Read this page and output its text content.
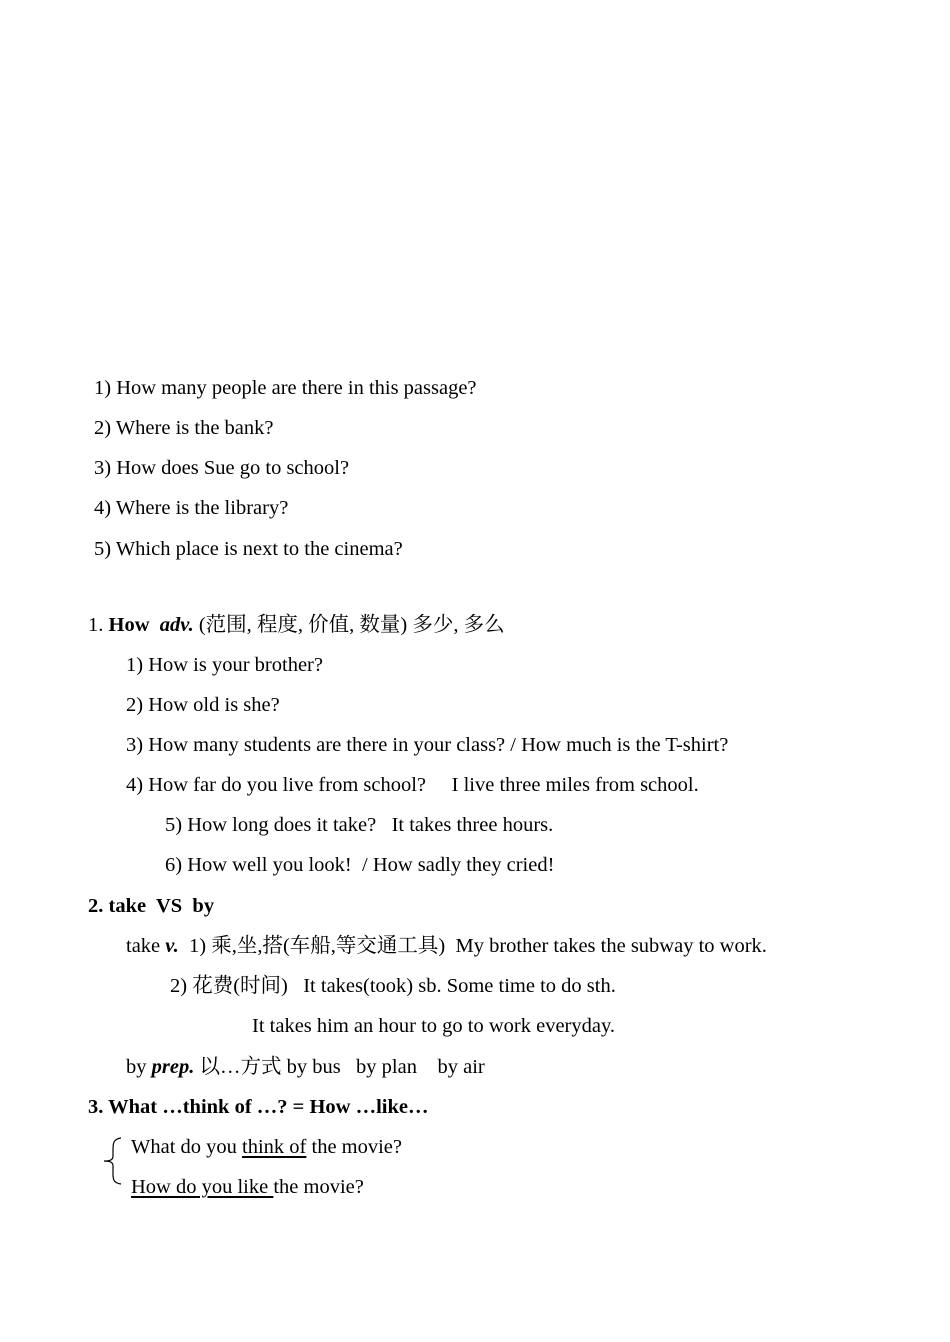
1) How many people are there in this passage?
2) Where is the bank?
3) How does Sue go to school?
4) Where is the library?
5) Which place is next to the cinema?
1. How adv. (范围, 程度, 价值, 数量) 多少, 多么
1) How is your brother?
2) How old is she?
3) How many students are there in your class? / How much is the T-shirt?
4) How far do you live from school?     I live three miles from school.
5) How long does it take?   It takes three hours.
6) How well you look!  / How sadly they cried!
2. take  VS  by
take v. 1) 乘,坐,搭(车船,等交通工具)  My brother takes the subway to work.
2) 花费(时间)   It takes(took) sb. Some time to do sth.
It takes him an hour to go to work everyday.
by prep. 以…方式 by bus   by plan    by air
3. What …think of …? = How …like…
What do you think of the movie?
How do you like the movie?
